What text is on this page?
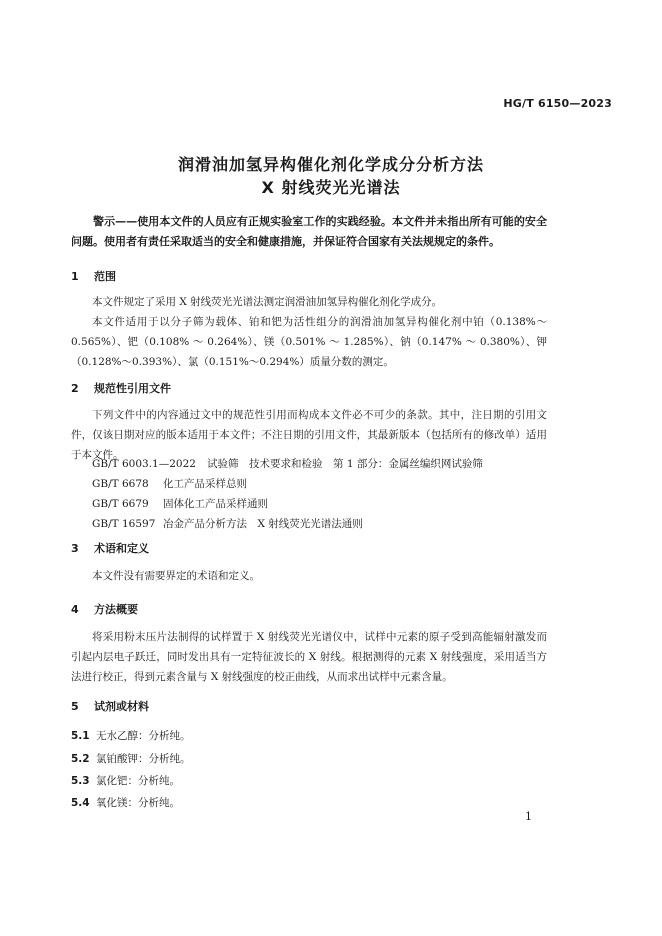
HG/T 6150—2023
润滑油加氢异构催化剂化学成分分析方法
X 射线荧光光谱法
警示——使用本文件的人员应有正规实验室工作的实践经验。本文件并未指出所有可能的安全问题。使用者有责任采取适当的安全和健康措施，并保证符合国家有关法规规定的条件。
1 范围
本文件规定了采用 X 射线荧光光谱法测定润滑油加氢异构催化剂化学成分。
本文件适用于以分子筛为载体、铂和钯为活性组分的润滑油加氢异构催化剂中铂（0.138%～0.565%）、钯（0.108% ～ 0.264%）、镁（0.501% ～ 1.285%）、钠（0.147% ～ 0.380%）、钾（0.128%～0.393%）、氯（0.151%～0.294%）质量分数的测定。
2 规范性引用文件
下列文件中的内容通过文中的规范性引用而构成本文件必不可少的条款。其中，注日期的引用文件，仅该日期对应的版本适用于本文件；不注日期的引用文件，其最新版本（包括所有的修改单）适用于本文件。
GB/T 6003.1—2022 试验筛　技术要求和检验　第 1 部分：金属丝编织网试验筛
GB/T 6678 化工产品采样总则
GB/T 6679 固体化工产品采样通则
GB/T 16597 冶金产品分析方法　X 射线荧光光谱法通则
3 术语和定义
本文件没有需要界定的术语和定义。
4 方法概要
将采用粉末压片法制得的试样置于 X 射线荧光光谱仪中，试样中元素的原子受到高能辐射激发而引起内层电子跃迁，同时发出具有一定特征波长的 X 射线。根据测得的元素 X 射线强度，采用适当方法进行校正，得到元素含量与 X 射线强度的校正曲线，从而求出试样中元素含量。
5 试剂或材料
5.1 无水乙醇：分析纯。
5.2 氯铂酸钾：分析纯。
5.3 氯化钯：分析纯。
5.4 氧化镁：分析纯。
1
